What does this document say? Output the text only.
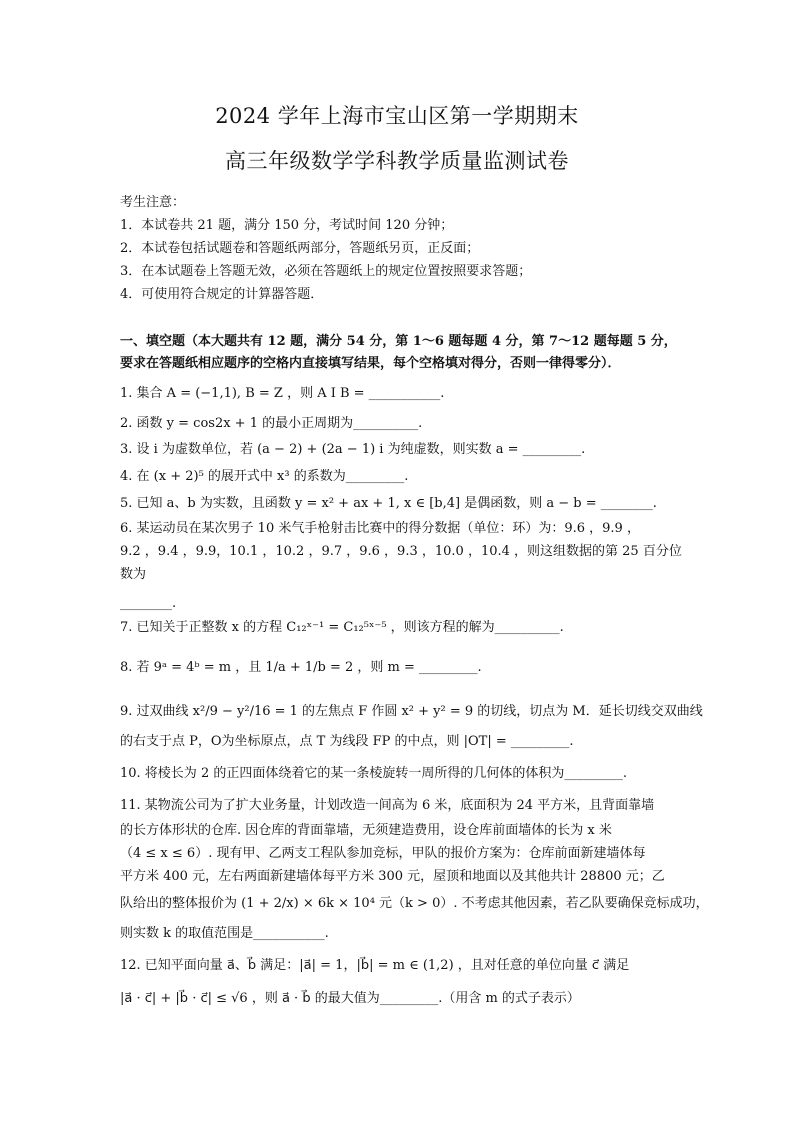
2024 学年上海市宝山区第一学期期末
高三年级数学学科教学质量监测试卷
考生注意：
1．本试卷共 21 题，满分 150 分，考试时间 120 分钟；
2．本试卷包括试题卷和答题纸两部分，答题纸另页，正反面；
3．在本试题卷上答题无效，必须在答题纸上的规定位置按照要求答题；
4．可使用符合规定的计算器答题．
一、填空题（本大题共有 12 题，满分 54 分，第 1～6 题每题 4 分，第 7～12 题每题 5 分，
要求在答题纸相应题序的空格内直接填写结果，每个空格填对得分，否则一律得零分）．
1. 集合 A = (−1,1), B = Z ，则 A I B = ___________.
2. 函数 y = cos2x + 1 的最小正周期为__________.
3. 设 i 为虚数单位，若 (a − 2) + (2a − 1) i 为纯虚数，则实数 a = _________.
4. 在 (x + 2)⁵ 的展开式中 x³ 的系数为_________.
5. 已知 a、b 为实数，且函数 y = x² + ax + 1, x ∈ [b,4] 是偶函数，则 a − b = ________.
6. 某运动员在某次男子 10 米气手枪射击比赛中的得分数据（单位：环）为：9.6 ，9.9 ，
9.2 ，9.4 ，9.9，10.1 ，10.2 ，9.7 ，9.6 ，9.3 ，10.0 ，10.4 ，则这组数据的第 25 百分位
数为
________.
7. 已知关于正整数 x 的方程 C₁₂ˣ⁻¹ = C₁₂⁵ˣ⁻⁵ ，则该方程的解为__________.
8. 若 9ᵃ = 4ᵇ = m ，且 1/a + 1/b = 2 ，则 m = _________.
9. 过双曲线 x²/9 − y²/16 = 1 的左焦点 F 作圆 x² + y² = 9 的切线，切点为 M．延长切线交双曲线
的右支于点 P，O为坐标原点，点 T 为线段 FP 的中点，则 |OT| = _________.
10. 将棱长为 2 的正四面体绕着它的某一条棱旋转一周所得的几何体的体积为_________.
11. 某物流公司为了扩大业务量，计划改造一间高为 6 米，底面积为 24 平方米，且背面靠墙
的长方体形状的仓库. 因仓库的背面靠墙，无须建造费用，设仓库前面墙体的长为 x 米
（4 ≤ x ≤ 6）. 现有甲、乙两支工程队参加竞标，甲队的报价方案为：仓库前面新建墙体每
平方米 400 元，左右两面新建墙体每平方米 300 元，屋顶和地面以及其他共计 28800 元；乙
队给出的整体报价为 (1 + 2/x) × 6k × 10⁴ 元（k > 0）. 不考虑其他因素，若乙队要确保竞标成功，
则实数 k 的取值范围是___________.
12. 已知平面向量 a⃗、b⃗ 满足：|a⃗| = 1，|b⃗| = m ∈ (1,2) ，且对任意的单位向量 c⃗ 满足
|a⃗ · c⃗| + |b⃗ · c⃗| ≤ √6 ，则 a⃗ · b⃗ 的最大值为_________.（用含 m 的式子表示）
